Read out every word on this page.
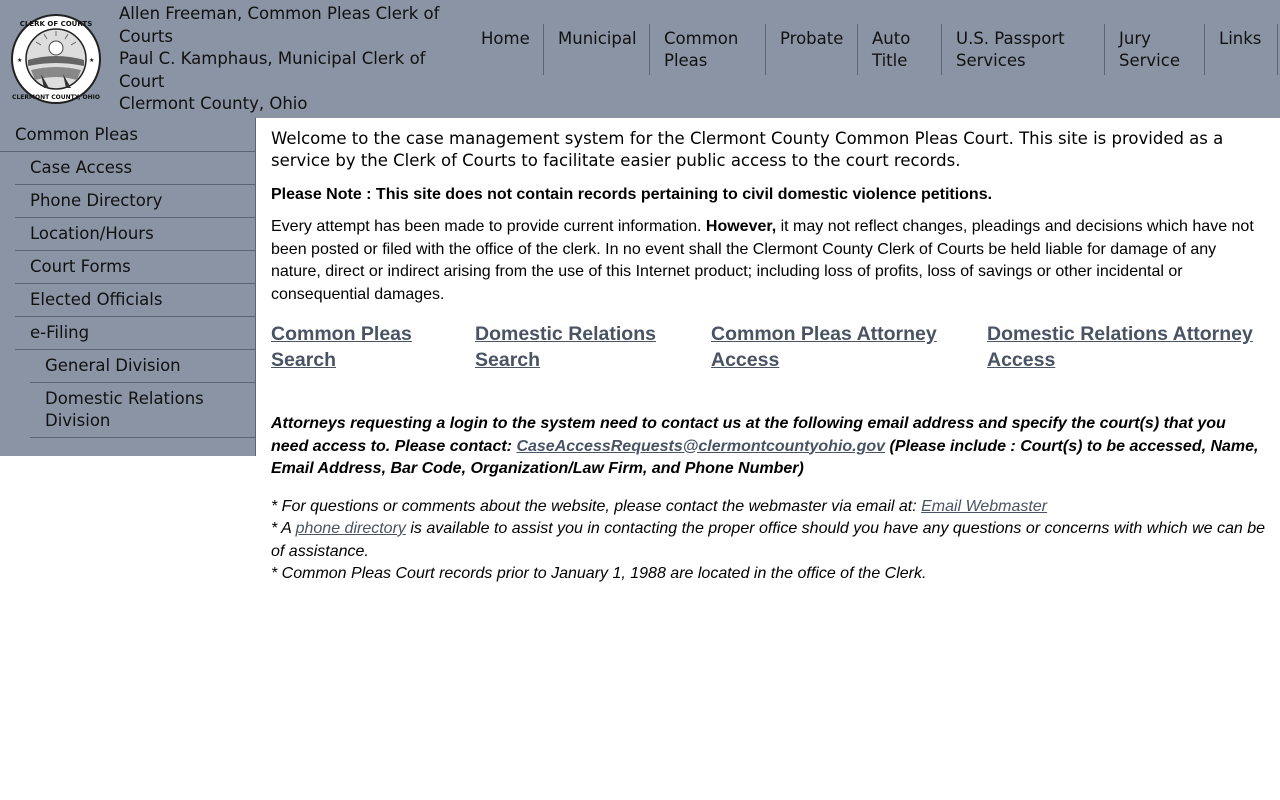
CLERK OF COURTS
CLERMONT COUNTY, OHIO
★	★
Allen Freeman, Common Pleas Clerk of Courts
Paul C. Kamphaus, Municipal Clerk of Court
Clermont County, Ohio
Home	Municipal	Common Pleas
Probate	Auto Title
U.S. Passport Services
Jury Service
Links
Common Pleas
Case Access
Phone Directory
Location/Hours
Court Forms
Elected Officials
e-Filing
General Division
Domestic Relations Division

Welcome to the case management system for the Clermont County Common Pleas Court. This site is provided as a service by the Clerk of Courts to facilitate easier public access to the court records.

Please Note : This site does not contain records pertaining to civil domestic violence petitions.

Every attempt has been made to provide current information. However, it may not reflect changes, pleadings and decisions which have not been posted or filed with the office of the clerk. In no event shall the Clermont County Clerk of Courts be held liable for damage of any nature, direct or indirect arising from the use of this Internet product; including loss of profits, loss of savings or other incidental or consequential damages.

Common Pleas Search
Domestic Relations Search
Common Pleas Attorney Access
Domestic Relations Attorney Access

Attorneys requesting a login to the system need to contact us at the following email address and specify the court(s) that you need access to. Please contact: CaseAccessRequests@clermontcountyohio.gov (Please include : Court(s) to be accessed, Name, Email Address, Bar Code, Organization/Law Firm, and Phone Number)

* For questions or comments about the website, please contact the webmaster via email at: Email Webmaster
* A phone directory is available to assist you in contacting the proper office should you have any questions or concerns with which we can be of assistance.
* Common Pleas Court records prior to January 1, 1988 are located in the office of the Clerk.
